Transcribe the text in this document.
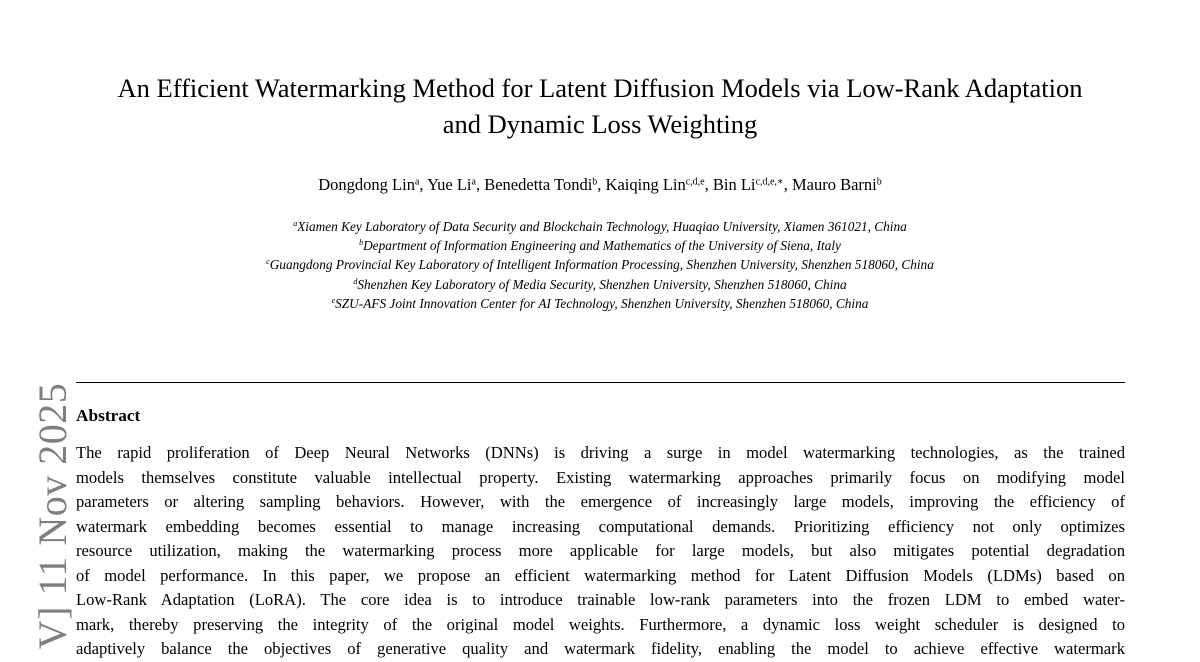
An Efficient Watermarking Method for Latent Diffusion Models via Low-Rank Adaptation
and Dynamic Loss Weighting
Dongdong Lin$^a$, Yue Li$^a$, Benedetta Tondi$^b$, Kaiqing Lin$^{c,d,e}$, Bin $Li^{c,d,e,∗}$, Mauro Barni$^b$
$^a$Xiamen Key Laboratory of Data Security and Blockchain Technology, Huaqiao University, Xiamen 361021, China
$^b$Department of Information Engineering and Mathematics of the University of Siena, Italy
$^c$Guangdong Provincial Key Laboratory of Intelligent Information Processing, Shenzhen University, Shenzhen 518060, China
$^d$Shenzhen Key Laboratory of Media Security, Shenzhen University, Shenzhen 518060, China
$^e$SZU-AFS Joint Innovation Center for AI Technology, Shenzhen University, Shenzhen 518060, China
Abstract
The rapid proliferation of Deep Neural Networks (DNNs) is driving a surge in model watermarking technologies, as the trained
models themselves constitute valuable intellectual property. Existing watermarking approaches primarily focus on modifying model
parameters or altering sampling behaviors. However, with the emergence of increasingly large models, improving the efficiency of
watermark embedding becomes essential to manage increasing computational demands. Prioritizing efficiency not only optimizes
resource utilization, making the watermarking process more applicable for large models, but also mitigates potential degradation
of model performance. In this paper, we propose an efficient watermarking method for Latent Diffusion Models (LDMs) based on
Low-Rank Adaptation (LoRA). The core idea is to introduce trainable low-rank parameters into the frozen LDM to embed water-
mark, thereby preserving the integrity of the original model weights. Furthermore, a dynamic loss weight scheduler is designed to
adaptively balance the objectives of generative quality and watermark fidelity, enabling the model to achieve effective watermark
V] 11 Nov 2025
